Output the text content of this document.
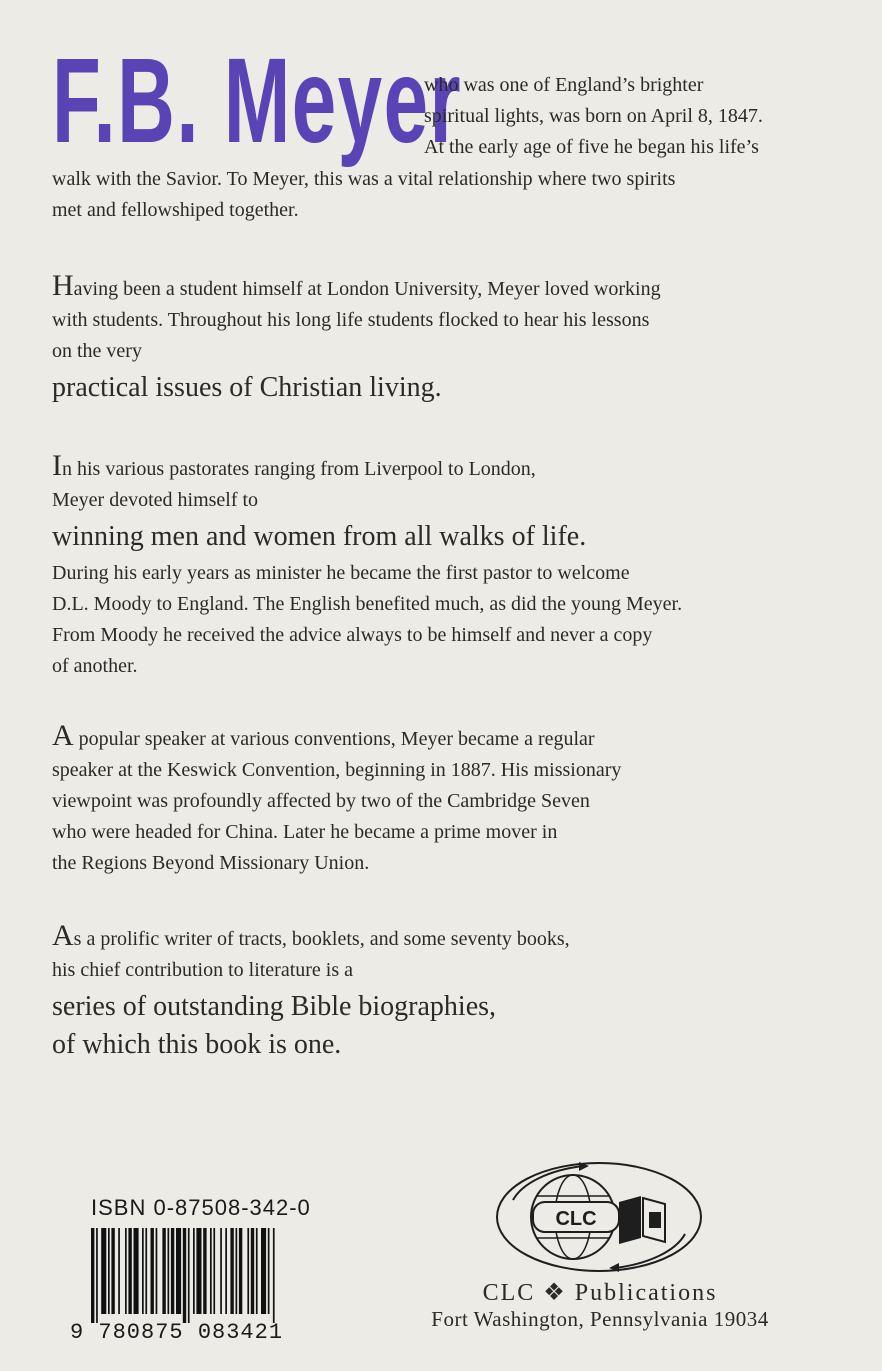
F.B. Meyer
who was one of England’s brighter
spiritual lights, was born on April 8, 1847.
At the early age of five he began his life’s
walk with the Savior. To Meyer, this was a vital relationship where two spirits
met and fellowshiped together.
Having been a student himself at London University, Meyer loved working
with students. Throughout his long life students flocked to hear his lessons
on the very
practical issues of Christian living.
In his various pastorates ranging from Liverpool to London,
Meyer devoted himself to
winning men and women from all walks of life.
During his early years as minister he became the first pastor to welcome
D.L. Moody to England. The English benefited much, as did the young Meyer.
From Moody he received the advice always to be himself and never a copy
of another.
A popular speaker at various conventions, Meyer became a regular
speaker at the Keswick Convention, beginning in 1887. His missionary
viewpoint was profoundly affected by two of the Cambridge Seven
who were headed for China. Later he became a prime mover in
the Regions Beyond Missionary Union.
As a prolific writer of tracts, booklets, and some seventy books,
his chief contribution to literature is a
series of outstanding Bible biographies,
of which this book is one.
ISBN 0-87508-342-0
9 780875 083421
CLC
CLC ❖ Publications
Fort Washington, Pennsylvania 19034
